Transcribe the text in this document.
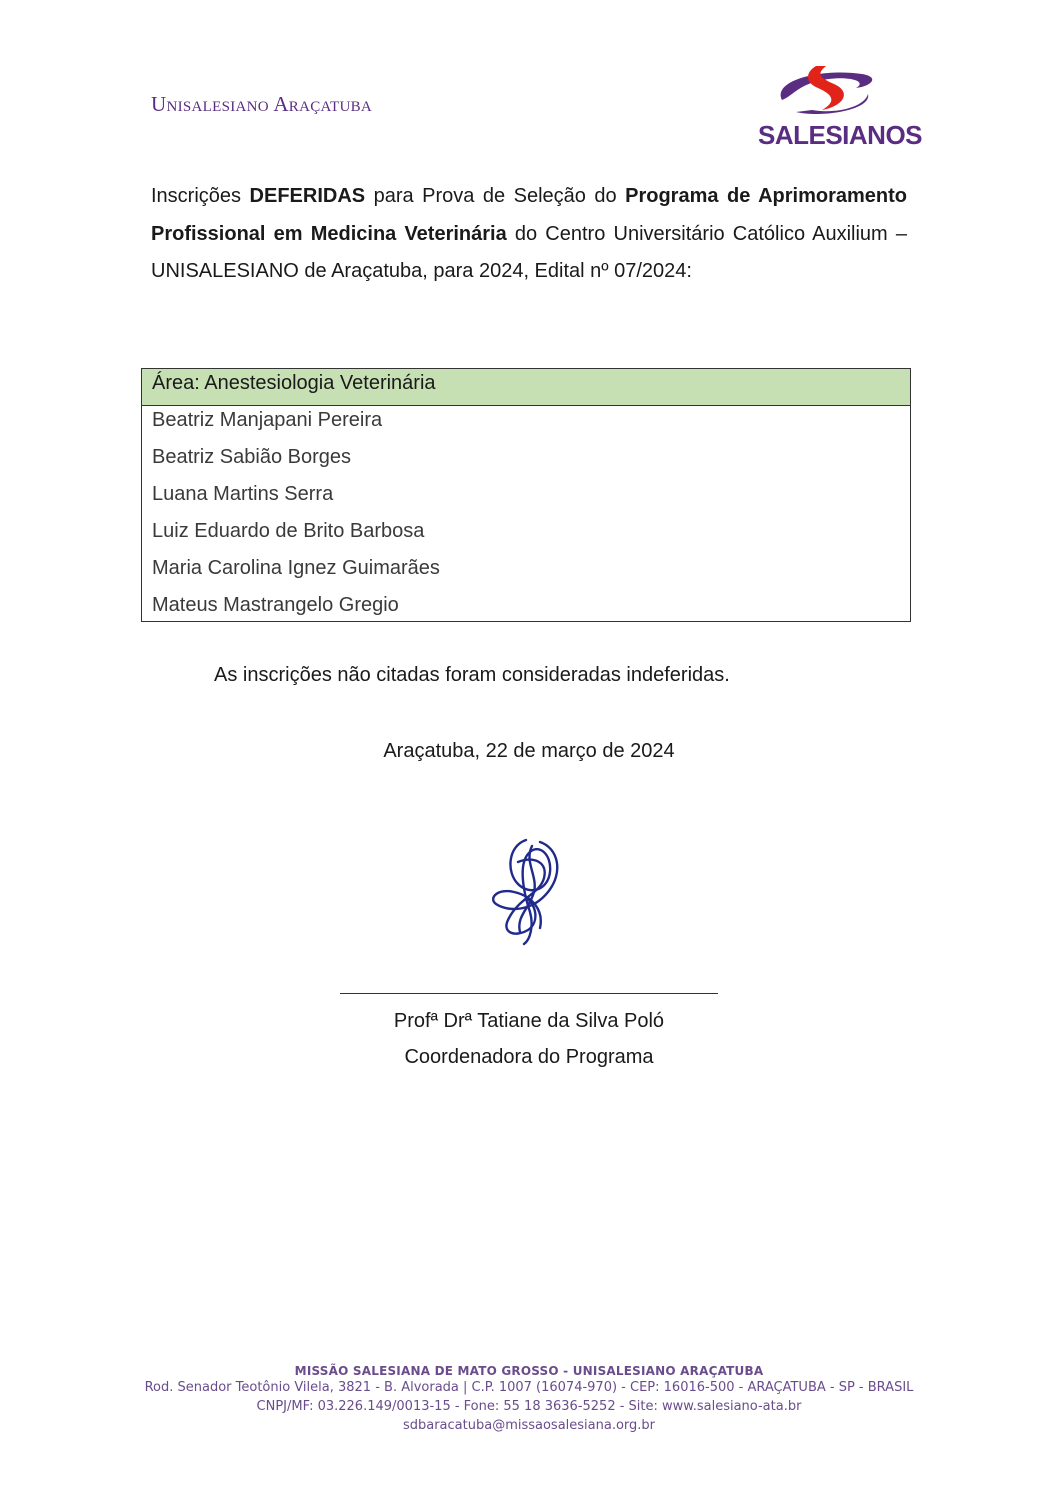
Unisalesiano Araçatuba
SALESIANOS

Inscrições DEFERIDAS para Prova de Seleção do Programa de Aprimoramento Profissional em Medicina Veterinária do Centro Universitário Católico Auxilium – UNISALESIANO de Araçatuba, para 2024, Edital nº 07/2024:

Área: Anestesiologia Veterinária
Beatriz Manjapani Pereira
Beatriz Sabião Borges
Luana Martins Serra
Luiz Eduardo de Brito Barbosa
Maria Carolina Ignez Guimarães
Mateus Mastrangelo Gregio
As inscrições não citadas foram consideradas indeferidas.
Araçatuba, 22 de março de 2024
Profª Drª Tatiane da Silva Poló
Coordenadora do Programa
MISSÃO SALESIANA DE MATO GROSSO - UNISALESIANO ARAÇATUBA
Rod. Senador Teotônio Vilela, 3821 - B. Alvorada | C.P. 1007 (16074-970) - CEP: 16016-500 - ARAÇATUBA - SP - BRASIL
CNPJ/MF: 03.226.149/0013-15 - Fone: 55 18 3636-5252 - Site: www.salesiano-ata.br
sdbaracatuba@missaosalesiana.org.br
